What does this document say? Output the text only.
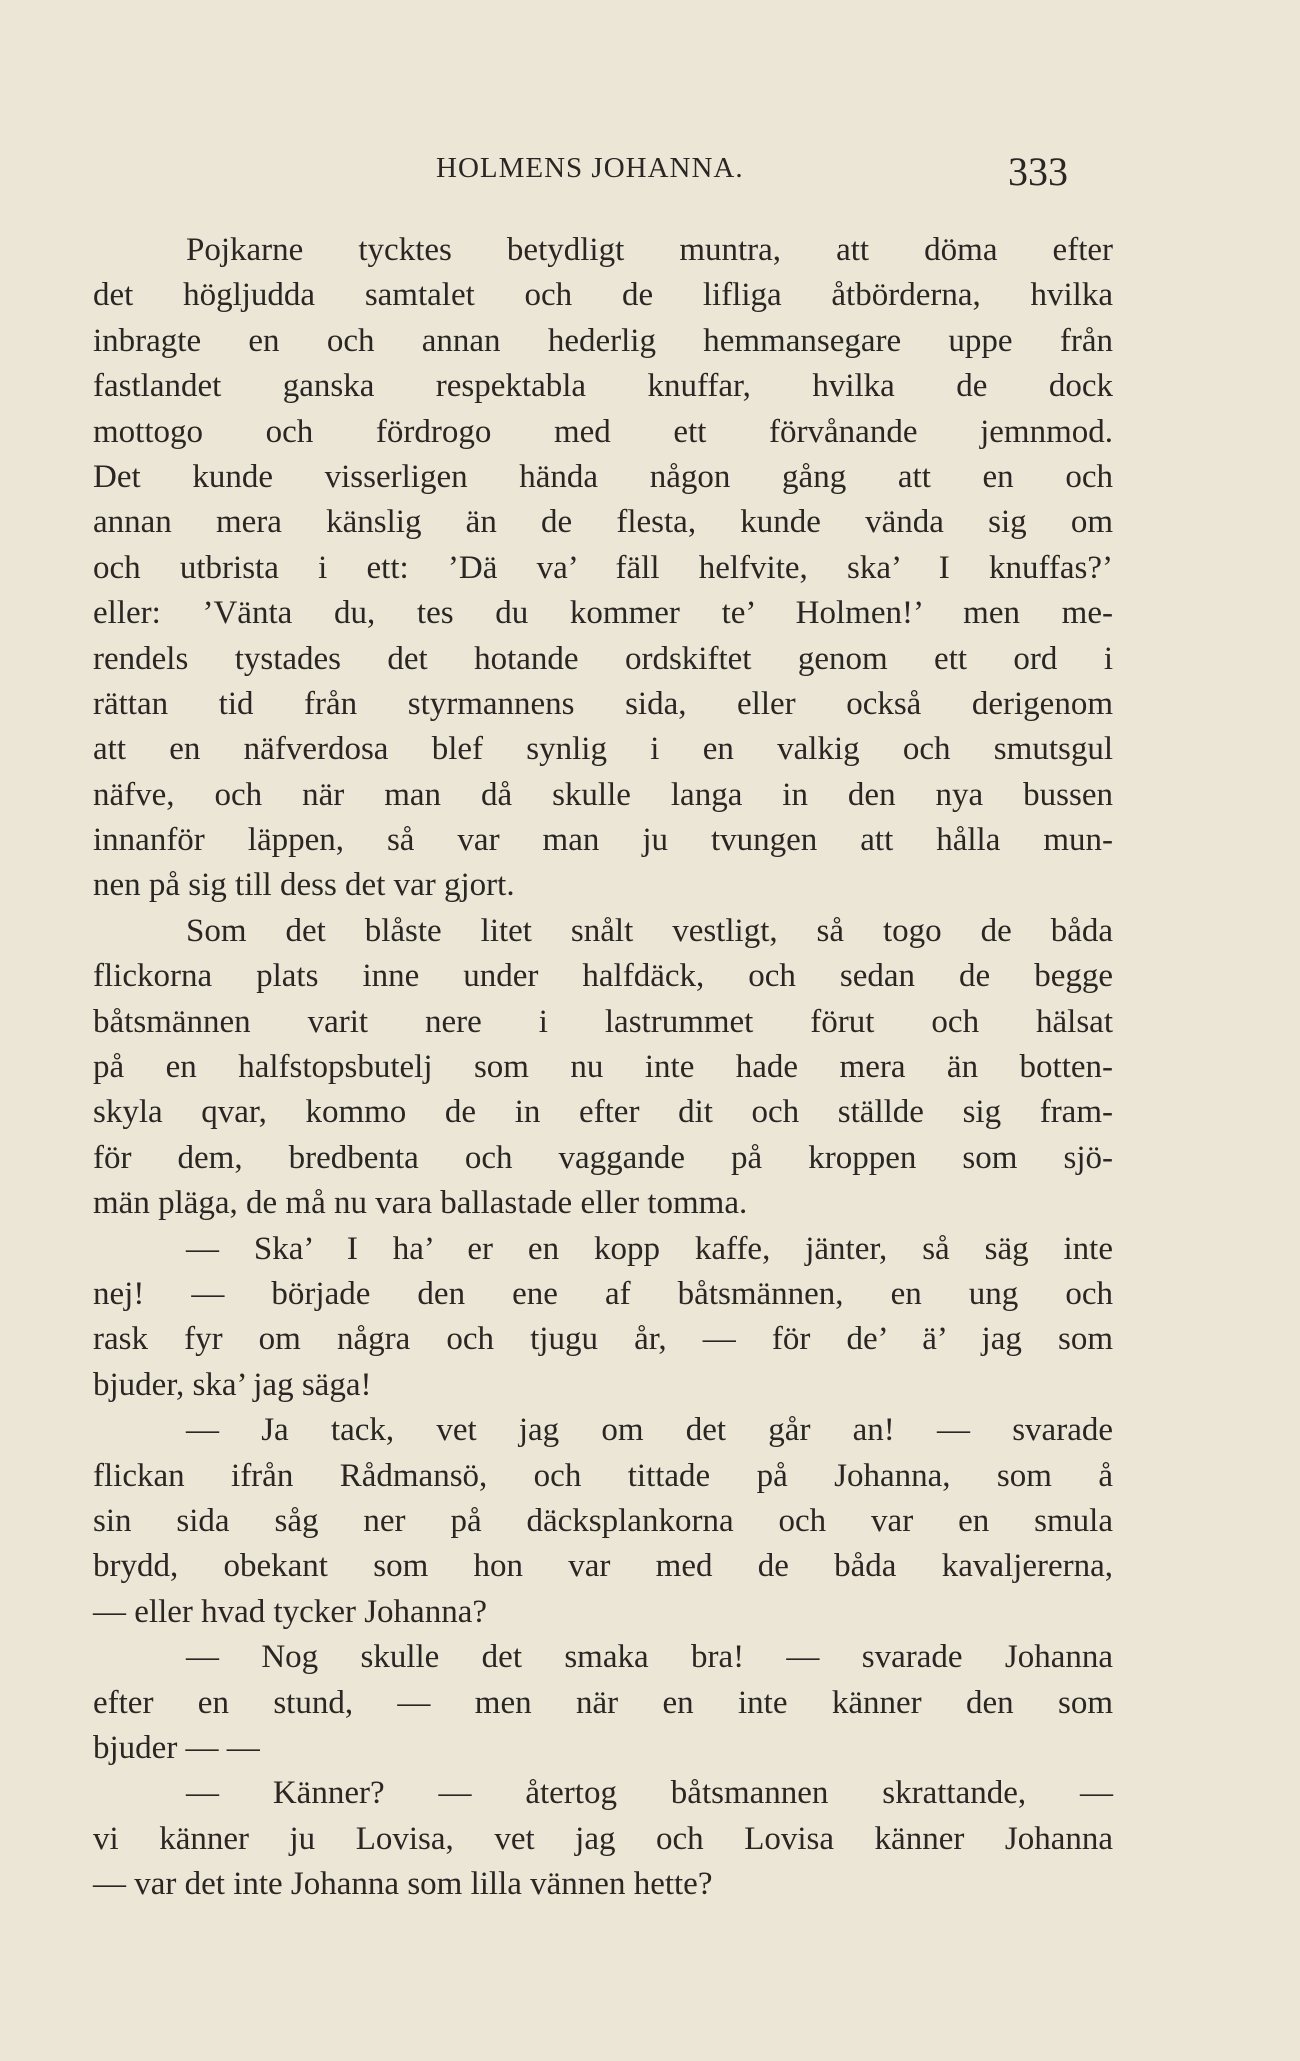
HOLMENS JOHANNA.	333
Pojkarne tycktes betydligt muntra, att döma efter
det högljudda samtalet och de lifliga åtbörderna, hvilka
inbragte en och annan hederlig hemmansegare uppe från
fastlandet ganska respektabla knuffar, hvilka de dock
mottogo och fördrogo med ett förvånande jemnmod.
Det kunde visserligen hända någon gång att en och
annan mera känslig än de flesta, kunde vända sig om
och utbrista i ett: ’Dä va’ fäll helfvite, ska’ I knuffas?’
eller: ’Vänta du, tes du kommer te’ Holmen!’ men me-
rendels tystades det hotande ordskiftet genom ett ord i
rättan tid från styrmannens sida, eller också derigenom
att en näfverdosa blef synlig i en valkig och smutsgul
näfve, och när man då skulle langa in den nya bussen
innanför läppen, så var man ju tvungen att hålla mun-
nen på sig till dess det var gjort.
Som det blåste litet snålt vestligt, så togo de båda
flickorna plats inne under halfdäck, och sedan de begge
båtsmännen varit nere i lastrummet förut och hälsat
på en halfstopsbutelj som nu inte hade mera än botten-
skyla qvar, kommo de in efter dit och ställde sig fram-
för dem, bredbenta och vaggande på kroppen som sjö-
män pläga, de må nu vara ballastade eller tomma.
— Ska’ I ha’ er en kopp kaffe, jänter, så säg inte
nej! — började den ene af båtsmännen, en ung och
rask fyr om några och tjugu år, — för de’ ä’ jag som
bjuder, ska’ jag säga!
— Ja tack, vet jag om det går an! — svarade
flickan ifrån Rådmansö, och tittade på Johanna, som å
sin sida såg ner på däcksplankorna och var en smula
brydd, obekant som hon var med de båda kavaljererna,
— eller hvad tycker Johanna?
— Nog skulle det smaka bra! — svarade Johanna
efter en stund, — men när en inte känner den som
bjuder — —
— Känner? — återtog båtsmannen skrattande, —
vi känner ju Lovisa, vet jag och Lovisa känner Johanna
— var det inte Johanna som lilla vännen hette?
